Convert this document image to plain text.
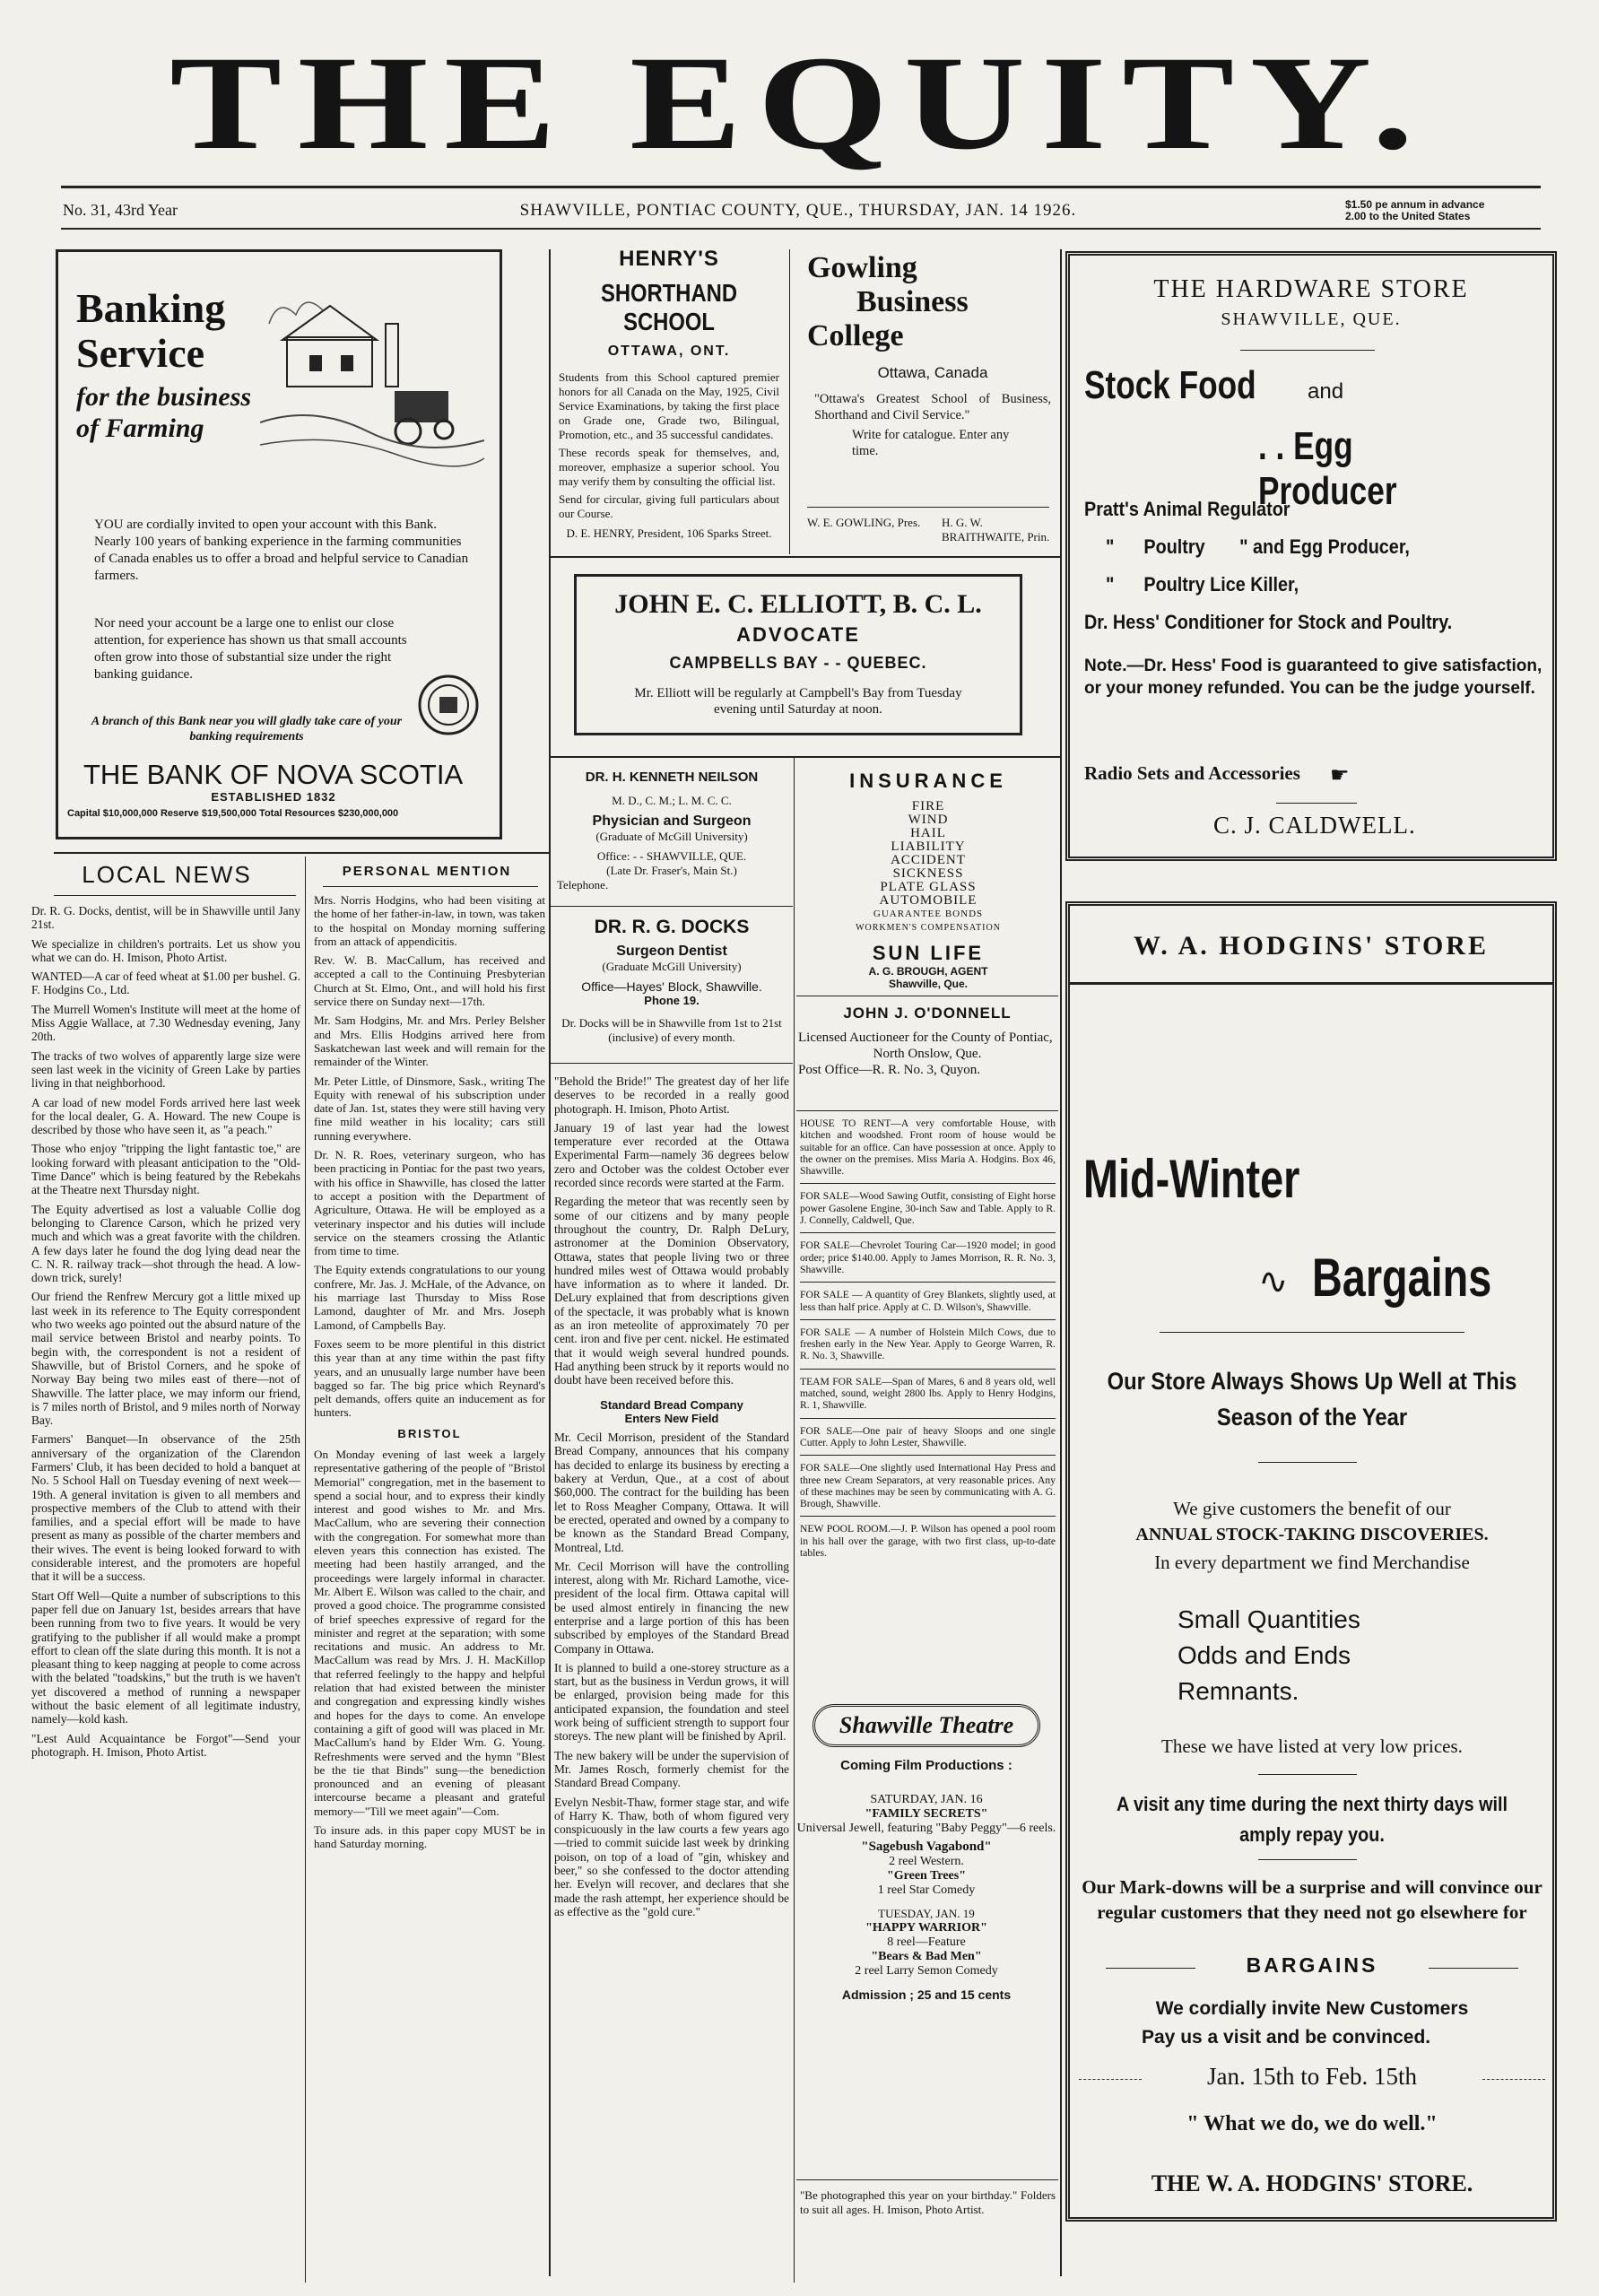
THE EQUITY.
No. 31, 43rd Year	SHAWVILLE, PONTIAC COUNTY, QUE., THURSDAY, JAN. 14 1926.	$1.50 pe annum in advance
2.00 to the United States
Banking
Service
for the business
of Farming
YOU are cordially invited to open your account with this Bank. Nearly 100 years of banking experience in the farming communities of Canada enables us to offer a broad and helpful service to Canadian farmers.
Nor need your account be a large one to enlist our close attention, for experience has shown us that small accounts often grow into those of substantial size under the right banking guidance.
A branch of this Bank near you will gladly take care of your banking requirements
THE BANK OF NOVA SCOTIA
ESTABLISHED 1832
Capital $10,000,000 Reserve $19,500,000 Total Resources $230,000,000
HENRY'S
SHORTHAND SCHOOL
OTTAWA, ONT.
Students from this School captured premier honors for all Canada on the May, 1925, Civil Service Examinations, by taking the first place on Grade one, Grade two, Bilingual, Promotion, etc., and 35 successful candidates.
These records speak for themselves, and, moreover, emphasize a superior school. You may verify them by consulting the official list.
Send for circular, giving full particulars about our Course.
D. E. HENRY, President, 106 Sparks Street.
Gowling
Business
College
Ottawa, Canada
"Ottawa's Greatest School of Business, Shorthand and Civil Service."
Write for catalogue. Enter any time.
W. E. GOWLING, Pres. H. G. W. BRAITHWAITE, Prin.
JOHN E. C. ELLIOTT, B. C. L.
ADVOCATE
CAMPBELLS BAY - - QUEBEC.
Mr. Elliott will be regularly at Campbell's Bay from Tuesday evening until Saturday at noon.
THE HARDWARE STORE
SHAWVILLE, QUE.
Stock Food and
. . Egg Producer
Pratt's Animal Regulator
"      Poultry       " and Egg Producer,
"      Poultry Lice Killer,
Dr. Hess' Conditioner for Stock and Poultry.
Note.—Dr. Hess' Food is guaranteed to give satisfaction, or your money refunded. You can be the judge yourself.
Radio Sets and Accessories ☛
C. J. CALDWELL.
LOCAL NEWS

Dr. R. G. Docks, dentist, will be in Shawville until Jany 21st.

We specialize in children's portraits. Let us show you what we can do. H. Imison, Photo Artist.

WANTED—A car of feed wheat at $1.00 per bushel. G. F. Hodgins Co., Ltd.

The Murrell Women's Institute will meet at the home of Miss Aggie Wallace, at 7.30 Wednesday evening, Jany 20th.

The tracks of two wolves of apparently large size were seen last week in the vicinity of Green Lake by parties living in that neighborhood.

A car load of new model Fords arrived here last week for the local dealer, G. A. Howard. The new Coupe is described by those who have seen it, as "a peach."

Those who enjoy "tripping the light fantastic toe," are looking forward with pleasant anticipation to the "Old-Time Dance" which is being featured by the Rebekahs at the Theatre next Thursday night.

The Equity advertised as lost a valuable Collie dog belonging to Clarence Carson, which he prized very much and which was a great favorite with the children. A few days later he found the dog lying dead near the C. N. R. railway track—shot through the head. A low-down trick, surely!

Our friend the Renfrew Mercury got a little mixed up last week in its reference to The Equity correspondent who two weeks ago pointed out the absurd nature of the mail service between Bristol and nearby points. To begin with, the correspondent is not a resident of Shawville, but of Bristol Corners, and he spoke of Norway Bay being two miles east of there—not of Shawville. The latter place, we may inform our friend, is 7 miles north of Bristol, and 9 miles north of Norway Bay.

Farmers' Banquet—In observance of the 25th anniversary of the organization of the Clarendon Farmers' Club, it has been decided to hold a banquet at No. 5 School Hall on Tuesday evening of next week—19th. A general invitation is given to all members and prospective members of the Club to attend with their families, and a special effort will be made to have present as many as possible of the charter members and their wives. The event is being looked forward to with considerable interest, and the promoters are hopeful that it will be a success.

Start Off Well—Quite a number of subscriptions to this paper fell due on January 1st, besides arrears that have been running from two to five years. It would be very gratifying to the publisher if all would make a prompt effort to clean off the slate during this month. It is not a pleasant thing to keep nagging at people to come across with the belated "toadskins," but the truth is we haven't yet discovered a method of running a newspaper without the basic element of all legitimate industry, namely—kold kash.

"Lest Auld Acquaintance be Forgot"—Send your photograph. H. Imison, Photo Artist.

PERSONAL MENTION

Mrs. Norris Hodgins, who had been visiting at the home of her father-in-law, in town, was taken to the hospital on Monday morning suffering from an attack of appendicitis.

Rev. W. B. MacCallum, has received and accepted a call to the Continuing Presbyterian Church at St. Elmo, Ont., and will hold his first service there on Sunday next—17th.

Mr. Sam Hodgins, Mr. and Mrs. Perley Belsher and Mrs. Ellis Hodgins arrived here from Saskatchewan last week and will remain for the remainder of the Winter.

Mr. Peter Little, of Dinsmore, Sask., writing The Equity with renewal of his subscription under date of Jan. 1st, states they were still having very fine mild weather in his locality; cars still running everywhere.

Dr. N. R. Roes, veterinary surgeon, who has been practicing in Pontiac for the past two years, with his office in Shawville, has closed the latter to accept a position with the Department of Agriculture, Ottawa. He will be employed as a veterinary inspector and his duties will include service on the steamers crossing the Atlantic from time to time.

The Equity extends congratulations to our young confrere, Mr. Jas. J. McHale, of the Advance, on his marriage last Thursday to Miss Rose Lamond, daughter of Mr. and Mrs. Joseph Lamond, of Campbells Bay.

Foxes seem to be more plentiful in this district this year than at any time within the past fifty years, and an unusually large number have been bagged so far. The big price which Reynard's pelt demands, offers quite an inducement as for hunters.

BRISTOL

On Monday evening of last week a largely representative gathering of the people of "Bristol Memorial" congregation, met in the basement to spend a social hour, and to express their kindly interest and good wishes to Mr. and Mrs. MacCallum, who are severing their connection with the congregation. For somewhat more than eleven years this connection has existed. The meeting had been hastily arranged, and the proceedings were largely informal in character. Mr. Albert E. Wilson was called to the chair, and proved a good choice. The programme consisted of brief speeches expressive of regard for the minister and regret at the separation; with some recitations and music. An address to Mr. MacCallum was read by Mrs. J. H. MacKillop that referred feelingly to the happy and helpful relation that had existed between the minister and congregation and expressing kindly wishes and hopes for the days to come. An envelope containing a gift of good will was placed in Mr. MacCallum's hand by Elder Wm. G. Young. Refreshments were served and the hymn "Blest be the tie that Binds" sung—the benediction pronounced and an evening of pleasant intercourse became a pleasant and grateful memory—"Till we meet again"—Com.

To insure ads. in this paper copy MUST be in hand Saturday morning.

DR. H. KENNETH NEILSON
M. D., C. M.; L. M. C. C.
Physician and Surgeon
(Graduate of McGill University)
Office: - - SHAWVILLE, QUE.
(Late Dr. Fraser's, Main St.)
Telephone.
DR. R. G. DOCKS
Surgeon Dentist
(Graduate McGill University)
Office—Hayes' Block, Shawville.
Phone 19.
Dr. Docks will be in Shawville from 1st to 21st (inclusive) of every month.

"Behold the Bride!" The greatest day of her life deserves to be recorded in a really good photograph. H. Imison, Photo Artist.

January 19 of last year had the lowest temperature ever recorded at the Ottawa Experimental Farm—namely 36 degrees below zero and October was the coldest October ever recorded since records were started at the Farm.

Regarding the meteor that was recently seen by some of our citizens and by many people throughout the country, Dr. Ralph DeLury, astronomer at the Dominion Observatory, Ottawa, states that people living two or three hundred miles west of Ottawa would probably have information as to where it landed. Dr. DeLury explained that from descriptions given of the spectacle, it was probably what is known as an iron meteolite of approximately 70 per cent. iron and five per cent. nickel. He estimated that it would weigh several hundred pounds. Had anything been struck by it reports would no doubt have been received before this.

Standard Bread Company

Enters New Field

Mr. Cecil Morrison, president of the Standard Bread Company, announces that his company has decided to enlarge its business by erecting a bakery at Verdun, Que., at a cost of about $60,000. The contract for the building has been let to Ross Meagher Company, Ottawa. It will be erected, operated and owned by a company to be known as the Standard Bread Company, Montreal, Ltd.

Mr. Cecil Morrison will have the controlling interest, along with Mr. Richard Lamothe, vice-president of the local firm. Ottawa capital will be used almost entirely in financing the new enterprise and a large portion of this has been subscribed by employes of the Standard Bread Company in Ottawa.

It is planned to build a one-storey structure as a start, but as the business in Verdun grows, it will be enlarged, provision being made for this anticipated expansion, the foundation and steel work being of sufficient strength to support four storeys. The new plant will be finished by April.

The new bakery will be under the supervision of Mr. James Rosch, formerly chemist for the Standard Bread Company.

Evelyn Nesbit-Thaw, former stage star, and wife of Harry K. Thaw, both of whom figured very conspicuously in the law courts a few years ago—tried to commit suicide last week by drinking poison, on top of a load of "gin, whiskey and beer," so she confessed to the doctor attending her. Evelyn will recover, and declares that she made the rash attempt, her experience should be as effective as the "gold cure."

INSURANCE
FIRE
WIND
HAIL
LIABILITY
ACCIDENT
SICKNESS
PLATE GLASS
AUTOMOBILE
GUARANTEE BONDS
WORKMEN'S COMPENSATION
SUN LIFE
A. G. BROUGH, AGENT
Shawville, Que.
JOHN J. O'DONNELL
Licensed Auctioneer for the County of Pontiac,
North Onslow, Que.
Post Office—R. R. No. 3, Quyon.
HOUSE TO RENT—A very comfortable House, with kitchen and woodshed. Front room of house would be suitable for an office. Can have possession at once. Apply to the owner on the premises. Miss Maria A. Hodgins. Box 46, Shawville.
FOR SALE—Wood Sawing Outfit, consisting of Eight horse power Gasolene Engine, 30-inch Saw and Table. Apply to R. J. Connelly, Caldwell, Que.
FOR SALE—Chevrolet Touring Car—1920 model; in good order; price $140.00. Apply to James Morrison, R. R. No. 3, Shawville.
FOR SALE — A quantity of Grey Blankets, slightly used, at less than half price. Apply at C. D. Wilson's, Shawville.
FOR SALE — A number of Holstein Milch Cows, due to freshen early in the New Year. Apply to George Warren, R. R. No. 3, Shawville.
TEAM FOR SALE—Span of Mares, 6 and 8 years old, well matched, sound, weight 2800 lbs. Apply to Henry Hodgins, R. 1, Shawville.
FOR SALE—One pair of heavy Sloops and one single Cutter. Apply to John Lester, Shawville.
FOR SALE—One slightly used International Hay Press and three new Cream Separators, at very reasonable prices. Any of these machines may be seen by communicating with A. G. Brough, Shawville.
NEW POOL ROOM.—J. P. Wilson has opened a pool room in his hall over the garage, with two first class, up-to-date tables.
Shawville Theatre
Coming Film Productions :
SATURDAY, JAN. 16
"FAMILY SECRETS"
Universal Jewell, featuring "Baby Peggy"—6 reels.
"Sagebush Vagabond"
2 reel Western.
"Green Trees"
1 reel Star Comedy
TUESDAY, JAN. 19
"HAPPY WARRIOR"
8 reel—Feature
"Bears & Bad Men"
2 reel Larry Semon Comedy
Admission ; 25 and 15 cents
"Be photographed this year on your birthday." Folders to suit all ages. H. Imison, Photo Artist.
W. A. HODGINS' STORE
Mid-Winter
∿ Bargains
Our Store Always Shows Up Well at This Season of the Year
We give customers the benefit of our
ANNUAL STOCK-TAKING DISCOVERIES.
In every department we find Merchandise
Small Quantities
Odds and Ends
Remnants.
These we have listed at very low prices.
A visit any time during the next thirty days will amply repay you.
Our Mark-downs will be a surprise and will convince our regular customers that they need not go elsewhere for
BARGAINS
We cordially invite New Customers
Pay us a visit and be convinced.
Jan. 15th to Feb. 15th
" What we do, we do well."
THE W. A. HODGINS' STORE.
